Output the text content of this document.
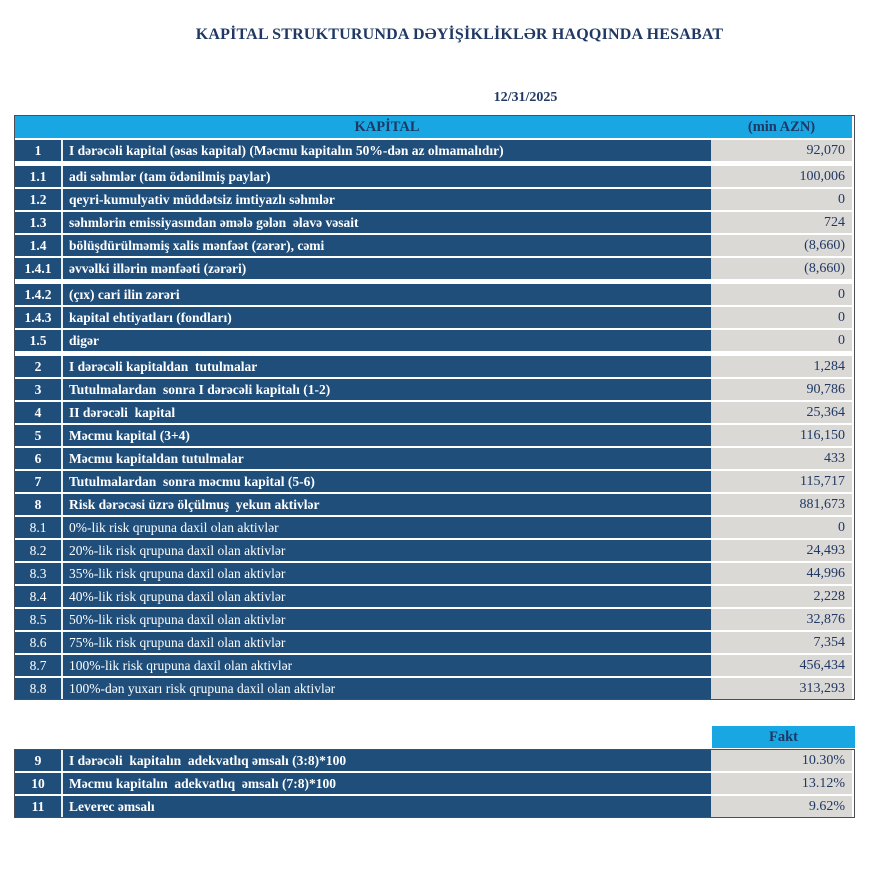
KAPİTAL STRUKTURUNDA DƏYİŞİKLİKLƏR HAQQINDA HESABAT
12/31/2025
KAPİTAL	(min AZN)
1	I dərəcəli kapital (əsas kapital) (Məcmu kapitalın 50%-dən az olmamalıdır)	92,070
1.1	adi səhmlər (tam ödənilmiş paylar)	100,006
1.2	qeyri-kumulyativ müddətsiz imtiyazlı səhmlər	0
1.3	səhmlərin emissiyasından əmələ gələn  əlavə vəsait	724
1.4	bölüşdürülməmiş xalis mənfəət (zərər), cəmi	(8,660)
1.4.1	əvvəlki illərin mənfəəti (zərəri)	(8,660)
1.4.2	(çıx) cari ilin zərəri	0
1.4.3	kapital ehtiyatları (fondları)	0
1.5	digər	0
2	I dərəcəli kapitaldan  tutulmalar	1,284
3	Tutulmalardan  sonra I dərəcəli kapitalı (1-2)	90,786
4	II dərəcəli  kapital	25,364
5	Məcmu kapital (3+4)	116,150
6	Məcmu kapitaldan tutulmalar	433
7	Tutulmalardan  sonra məcmu kapital (5-6)	115,717
8	Risk dərəcəsi üzrə ölçülmuş  yekun aktivlər	881,673
8.1	0%-lik risk qrupuna daxil olan aktivlər	0
8.2	20%-lik risk qrupuna daxil olan aktivlər	24,493
8.3	35%-lik risk qrupuna daxil olan aktivlər	44,996
8.4	40%-lik risk qrupuna daxil olan aktivlər	2,228
8.5	50%-lik risk qrupuna daxil olan aktivlər	32,876
8.6	75%-lik risk qrupuna daxil olan aktivlər	7,354
8.7	100%-lik risk qrupuna daxil olan aktivlər	456,434
8.8	100%-dən yuxarı risk qrupuna daxil olan aktivlər	313,293
Fakt
9	I dərəcəli  kapitalın  adekvatlıq əmsalı (3:8)*100	10.30%
10	Məcmu kapitalın  adekvatlıq  əmsalı (7:8)*100	13.12%
11	Leverec əmsalı	9.62%
